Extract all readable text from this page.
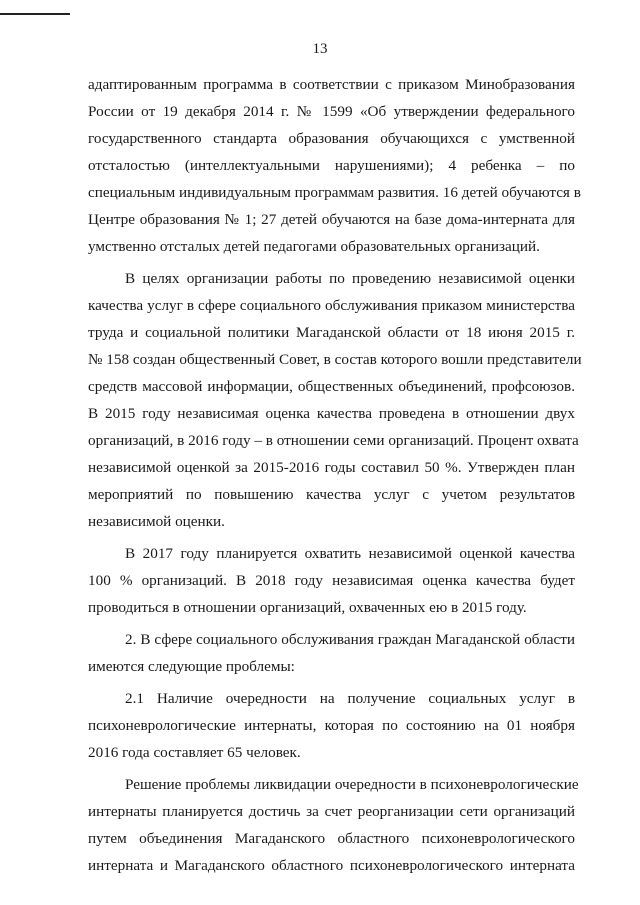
13
адаптированным программа в соответствии с приказом Минобразования
России от 19 декабря 2014 г. № 1599 «Об утверждении федерального
государственного стандарта образования обучающихся с умственной
отсталостью (интеллектуальными нарушениями); 4 ребенка – по
специальным индивидуальным программам развития. 16 детей обучаются в
Центре образования № 1; 27 детей обучаются на базе дома-интерната для
умственно отсталых детей педагогами образовательных организаций.
В целях организации работы по проведению независимой оценки
качества услуг в сфере социального обслуживания приказом министерства
труда и социальной политики Магаданской области от 18 июня 2015 г.
№ 158 создан общественный Совет, в состав которого вошли представители
средств массовой информации, общественных объединений, профсоюзов.
В 2015 году независимая оценка качества проведена в отношении двух
организаций, в 2016 году – в отношении семи организаций. Процент охвата
независимой оценкой за 2015-2016 годы составил 50 %. Утвержден план
мероприятий по повышению качества услуг с учетом результатов
независимой оценки.
В 2017 году планируется охватить независимой оценкой качества
100 % организаций. В 2018 году независимая оценка качества будет
проводиться в отношении организаций, охваченных ею в 2015 году.
2. В сфере социального обслуживания граждан Магаданской области
имеются следующие проблемы:
2.1 Наличие очередности на получение социальных услуг в
психоневрологические интернаты, которая по состоянию на 01 ноября
2016 года составляет 65 человек.
Решение проблемы ликвидации очередности в психоневрологические
интернаты планируется достичь за счет реорганизации сети организаций
путем объединения Магаданского областного психоневрологического
интерната и Магаданского областного психоневрологического интерната
